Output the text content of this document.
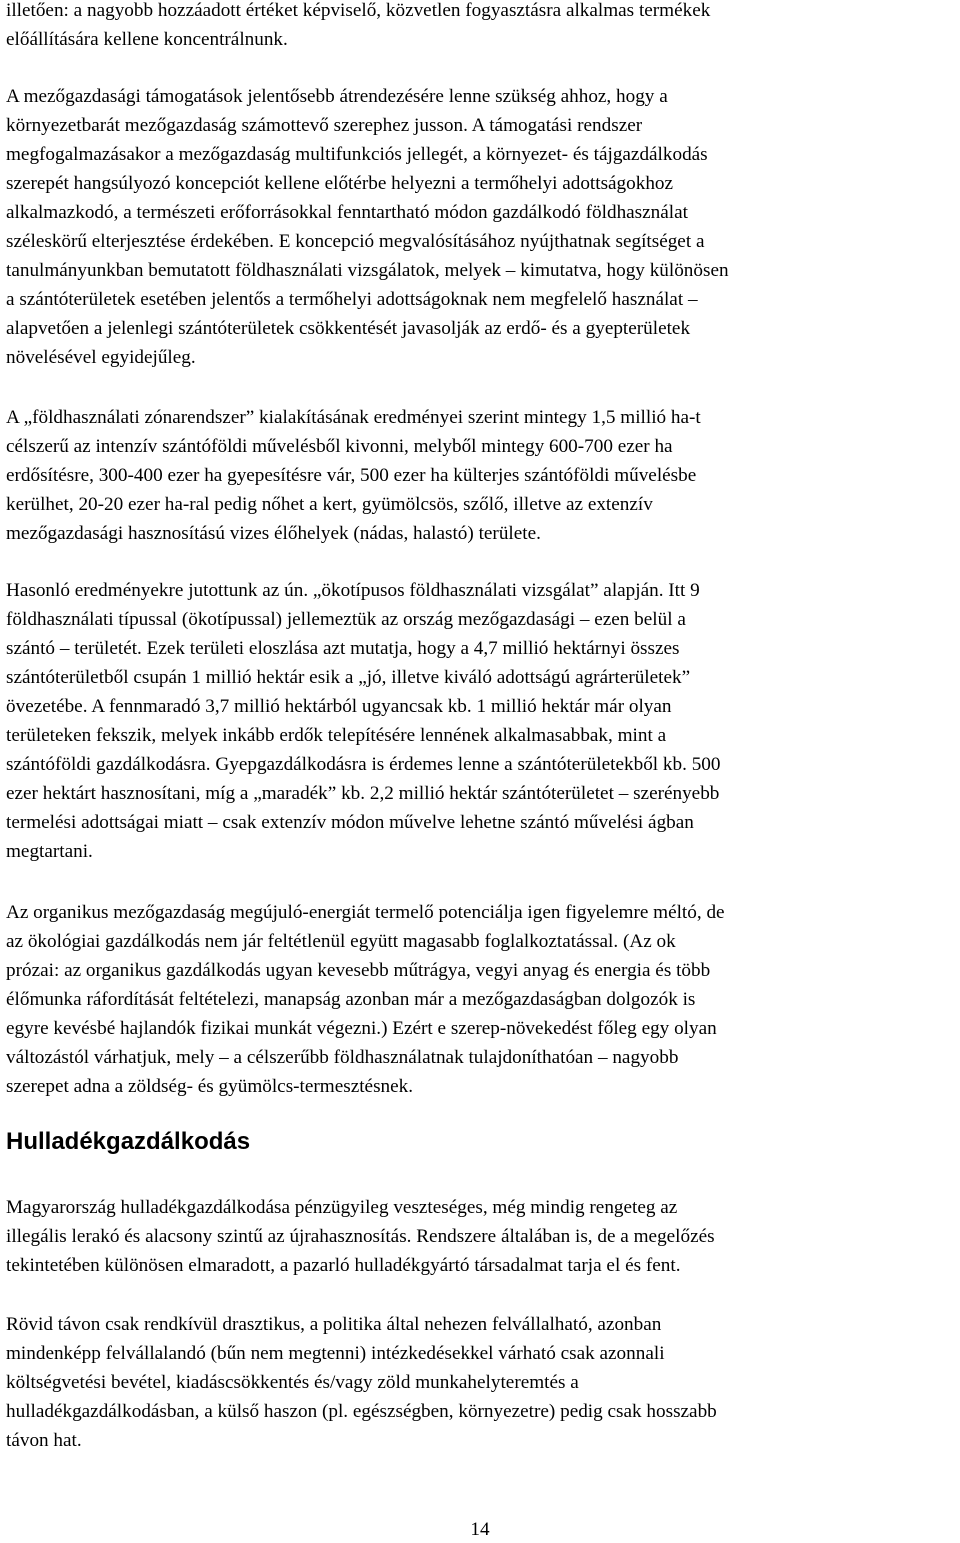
illetően: a nagyobb hozzáadott értéket képviselő, közvetlen fogyasztásra alkalmas termékek
előállítására kellene koncentrálnunk.

A mezőgazdasági támogatások jelentősebb átrendezésére lenne szükség ahhoz, hogy a
környezetbarát mezőgazdaság számottevő szerephez jusson. A támogatási rendszer
megfogalmazásakor a mezőgazdaság multifunkciós jellegét, a környezet- és tájgazdálkodás
szerepét hangsúlyozó koncepciót kellene előtérbe helyezni a termőhelyi adottságokhoz
alkalmazkodó, a természeti erőforrásokkal fenntartható módon gazdálkodó földhasználat
széleskörű elterjesztése érdekében. E koncepció megvalósításához nyújthatnak segítséget a
tanulmányunkban bemutatott földhasználati vizsgálatok, melyek – kimutatva, hogy különösen
a szántóterületek esetében jelentős a termőhelyi adottságoknak nem megfelelő használat –
alapvetően a jelenlegi szántóterületek csökkentését javasolják az erdő- és a gyepterületek
növelésével egyidejűleg.

A „földhasználati zónarendszer” kialakításának eredményei szerint mintegy 1,5 millió ha-t
célszerű az intenzív szántóföldi művelésből kivonni, melyből mintegy 600-700 ezer ha
erdősítésre, 300-400 ezer ha gyepesítésre vár, 500 ezer ha külterjes szántóföldi művelésbe
kerülhet, 20-20 ezer ha-ral pedig nőhet a kert, gyümölcsös, szőlő, illetve az extenzív
mezőgazdasági hasznosítású vizes élőhelyek (nádas, halastó) területe.

Hasonló eredményekre jutottunk az ún. „ökotípusos földhasználati vizsgálat” alapján. Itt 9
földhasználati típussal (ökotípussal) jellemeztük az ország mezőgazdasági – ezen belül a
szántó – területét. Ezek területi eloszlása azt mutatja, hogy a 4,7 millió hektárnyi összes
szántóterületből csupán 1 millió hektár esik a „jó, illetve kiváló adottságú agrárterületek”
övezetébe. A fennmaradó 3,7 millió hektárból ugyancsak kb. 1 millió hektár már olyan
területeken fekszik, melyek inkább erdők telepítésére lennének alkalmasabbak, mint a
szántóföldi gazdálkodásra. Gyepgazdálkodásra is érdemes lenne a szántóterületekből kb. 500
ezer hektárt hasznosítani, míg a „maradék” kb. 2,2 millió hektár szántóterületet – szerényebb
termelési adottságai miatt – csak extenzív módon művelve lehetne szántó művelési ágban
megtartani.

Az organikus mezőgazdaság megújuló-energiát termelő potenciálja igen figyelemre méltó, de
az ökológiai gazdálkodás nem jár feltétlenül együtt magasabb foglalkoztatással. (Az ok
prózai: az organikus gazdálkodás ugyan kevesebb műtrágya, vegyi anyag és energia és több
élőmunka ráfordítását feltételezi, manapság azonban már a mezőgazdaságban dolgozók is
egyre kevésbé hajlandók fizikai munkát végezni.) Ezért e szerep-növekedést főleg egy olyan
változástól várhatjuk, mely – a célszerűbb földhasználatnak tulajdoníthatóan – nagyobb
szerepet adna a zöldség- és gyümölcs-termesztésnek.

Hulladékgazdálkodás

Magyarország hulladékgazdálkodása pénzügyileg veszteséges, még mindig rengeteg az
illegális lerakó és alacsony szintű az újrahasznosítás. Rendszere általában is, de a megelőzés
tekintetében különösen elmaradott, a pazarló hulladékgyártó társadalmat tarja el és fent.

Rövid távon csak rendkívül drasztikus, a politika által nehezen felvállalható, azonban
mindenképp felvállalandó (bűn nem megtenni) intézkedésekkel várható csak azonnali
költségvetési bevétel, kiadáscsökkentés és/vagy zöld munkahelyteremtés a
hulladékgazdálkodásban, a külső haszon (pl. egészségben, környezetre) pedig csak hosszabb
távon hat.

14
